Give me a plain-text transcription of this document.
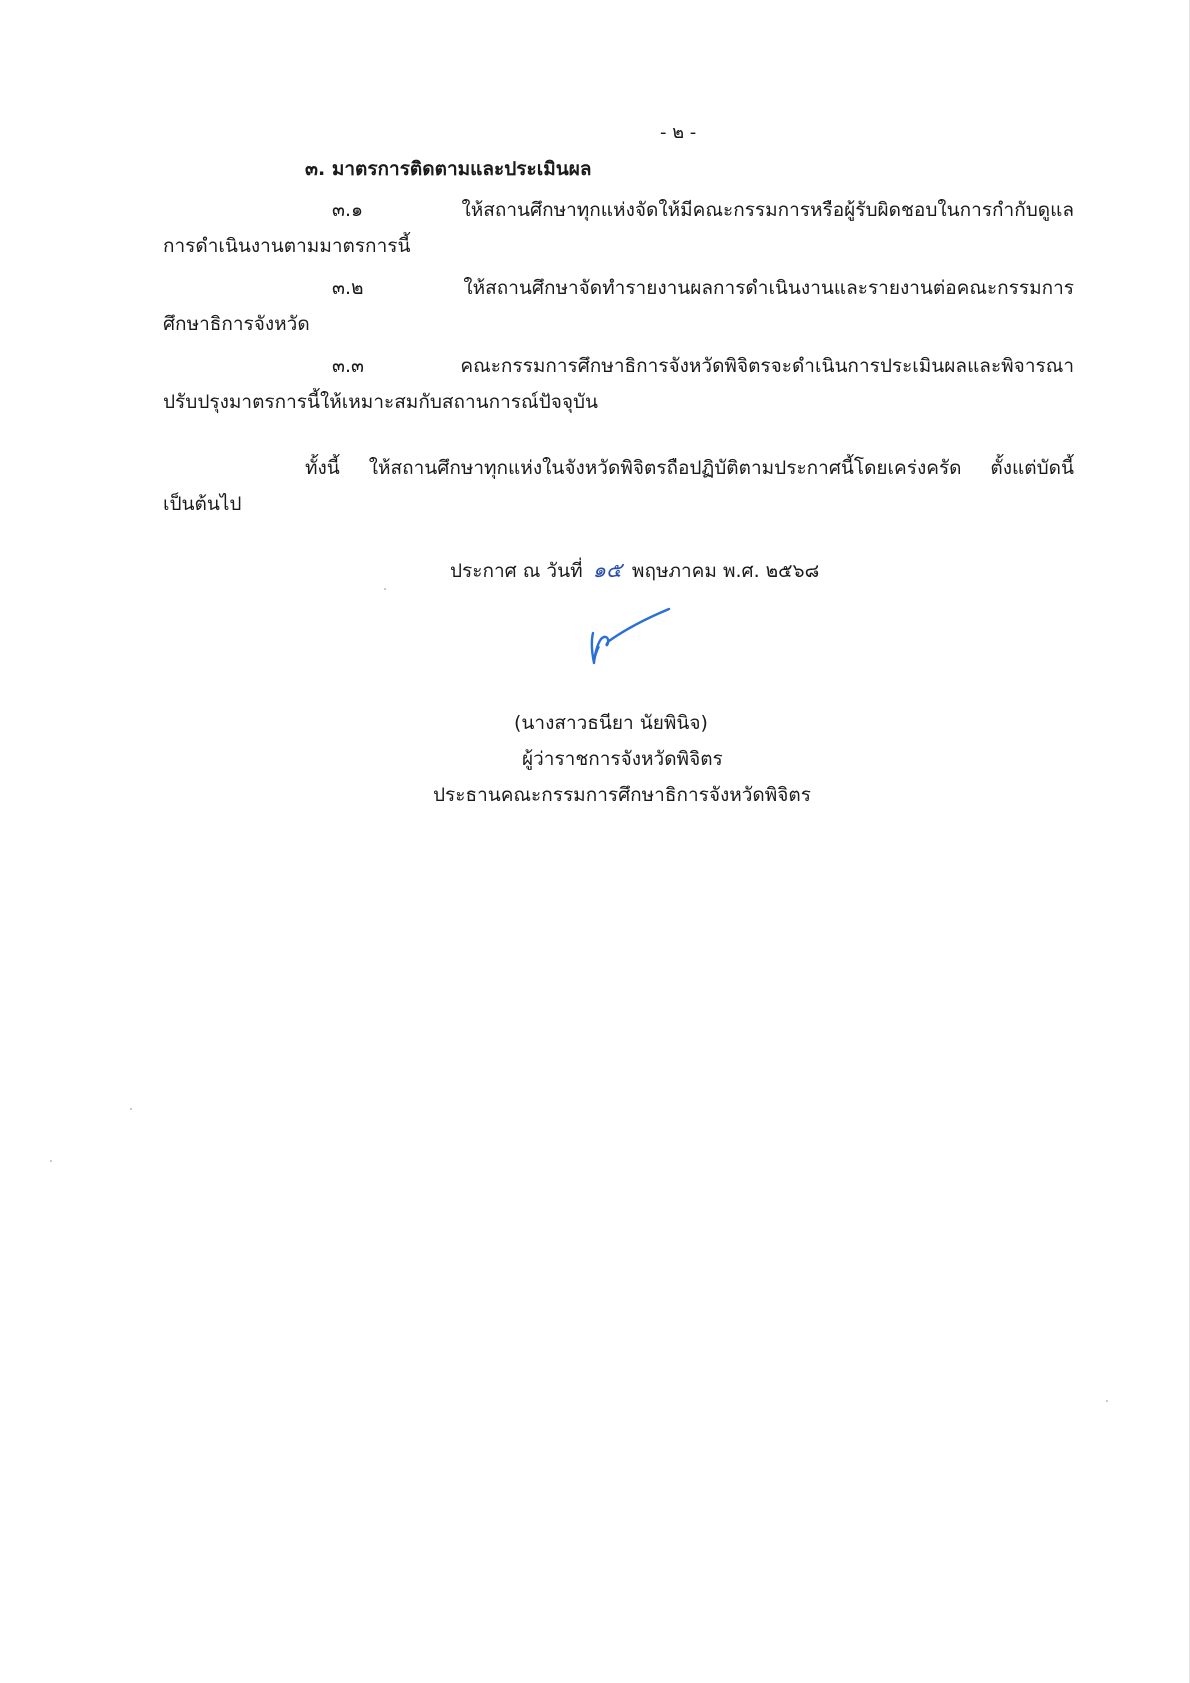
- ๒ -
๓. มาตรการติดตามและประเมินผล
๓.๑ ให้สถานศึกษาทุกแห่งจัดให้มีคณะกรรมการหรือผู้รับผิดชอบในการกำกับดูแล
การดำเนินงานตามมาตรการนี้
๓.๒ ให้สถานศึกษาจัดทำรายงานผลการดำเนินงานและรายงานต่อคณะกรรมการ
ศึกษาธิการจังหวัด
๓.๓ คณะกรรมการศึกษาธิการจังหวัดพิจิตรจะดำเนินการประเมินผลและพิจารณา
ปรับปรุงมาตรการนี้ให้เหมาะสมกับสถานการณ์ปัจจุบัน
ทั้งนี้ ให้สถานศึกษาทุกแห่งในจังหวัดพิจิตรถือปฏิบัติตามประกาศนี้โดยเคร่งครัด ตั้งแต่บัดนี้
เป็นต้นไป
ประกาศ ณ วันที่ ๑๕ พฤษภาคม พ.ศ. ๒๕๖๘
(นางสาวธนียา นัยพินิจ)
ผู้ว่าราชการจังหวัดพิจิตร
ประธานคณะกรรมการศึกษาธิการจังหวัดพิจิตร
